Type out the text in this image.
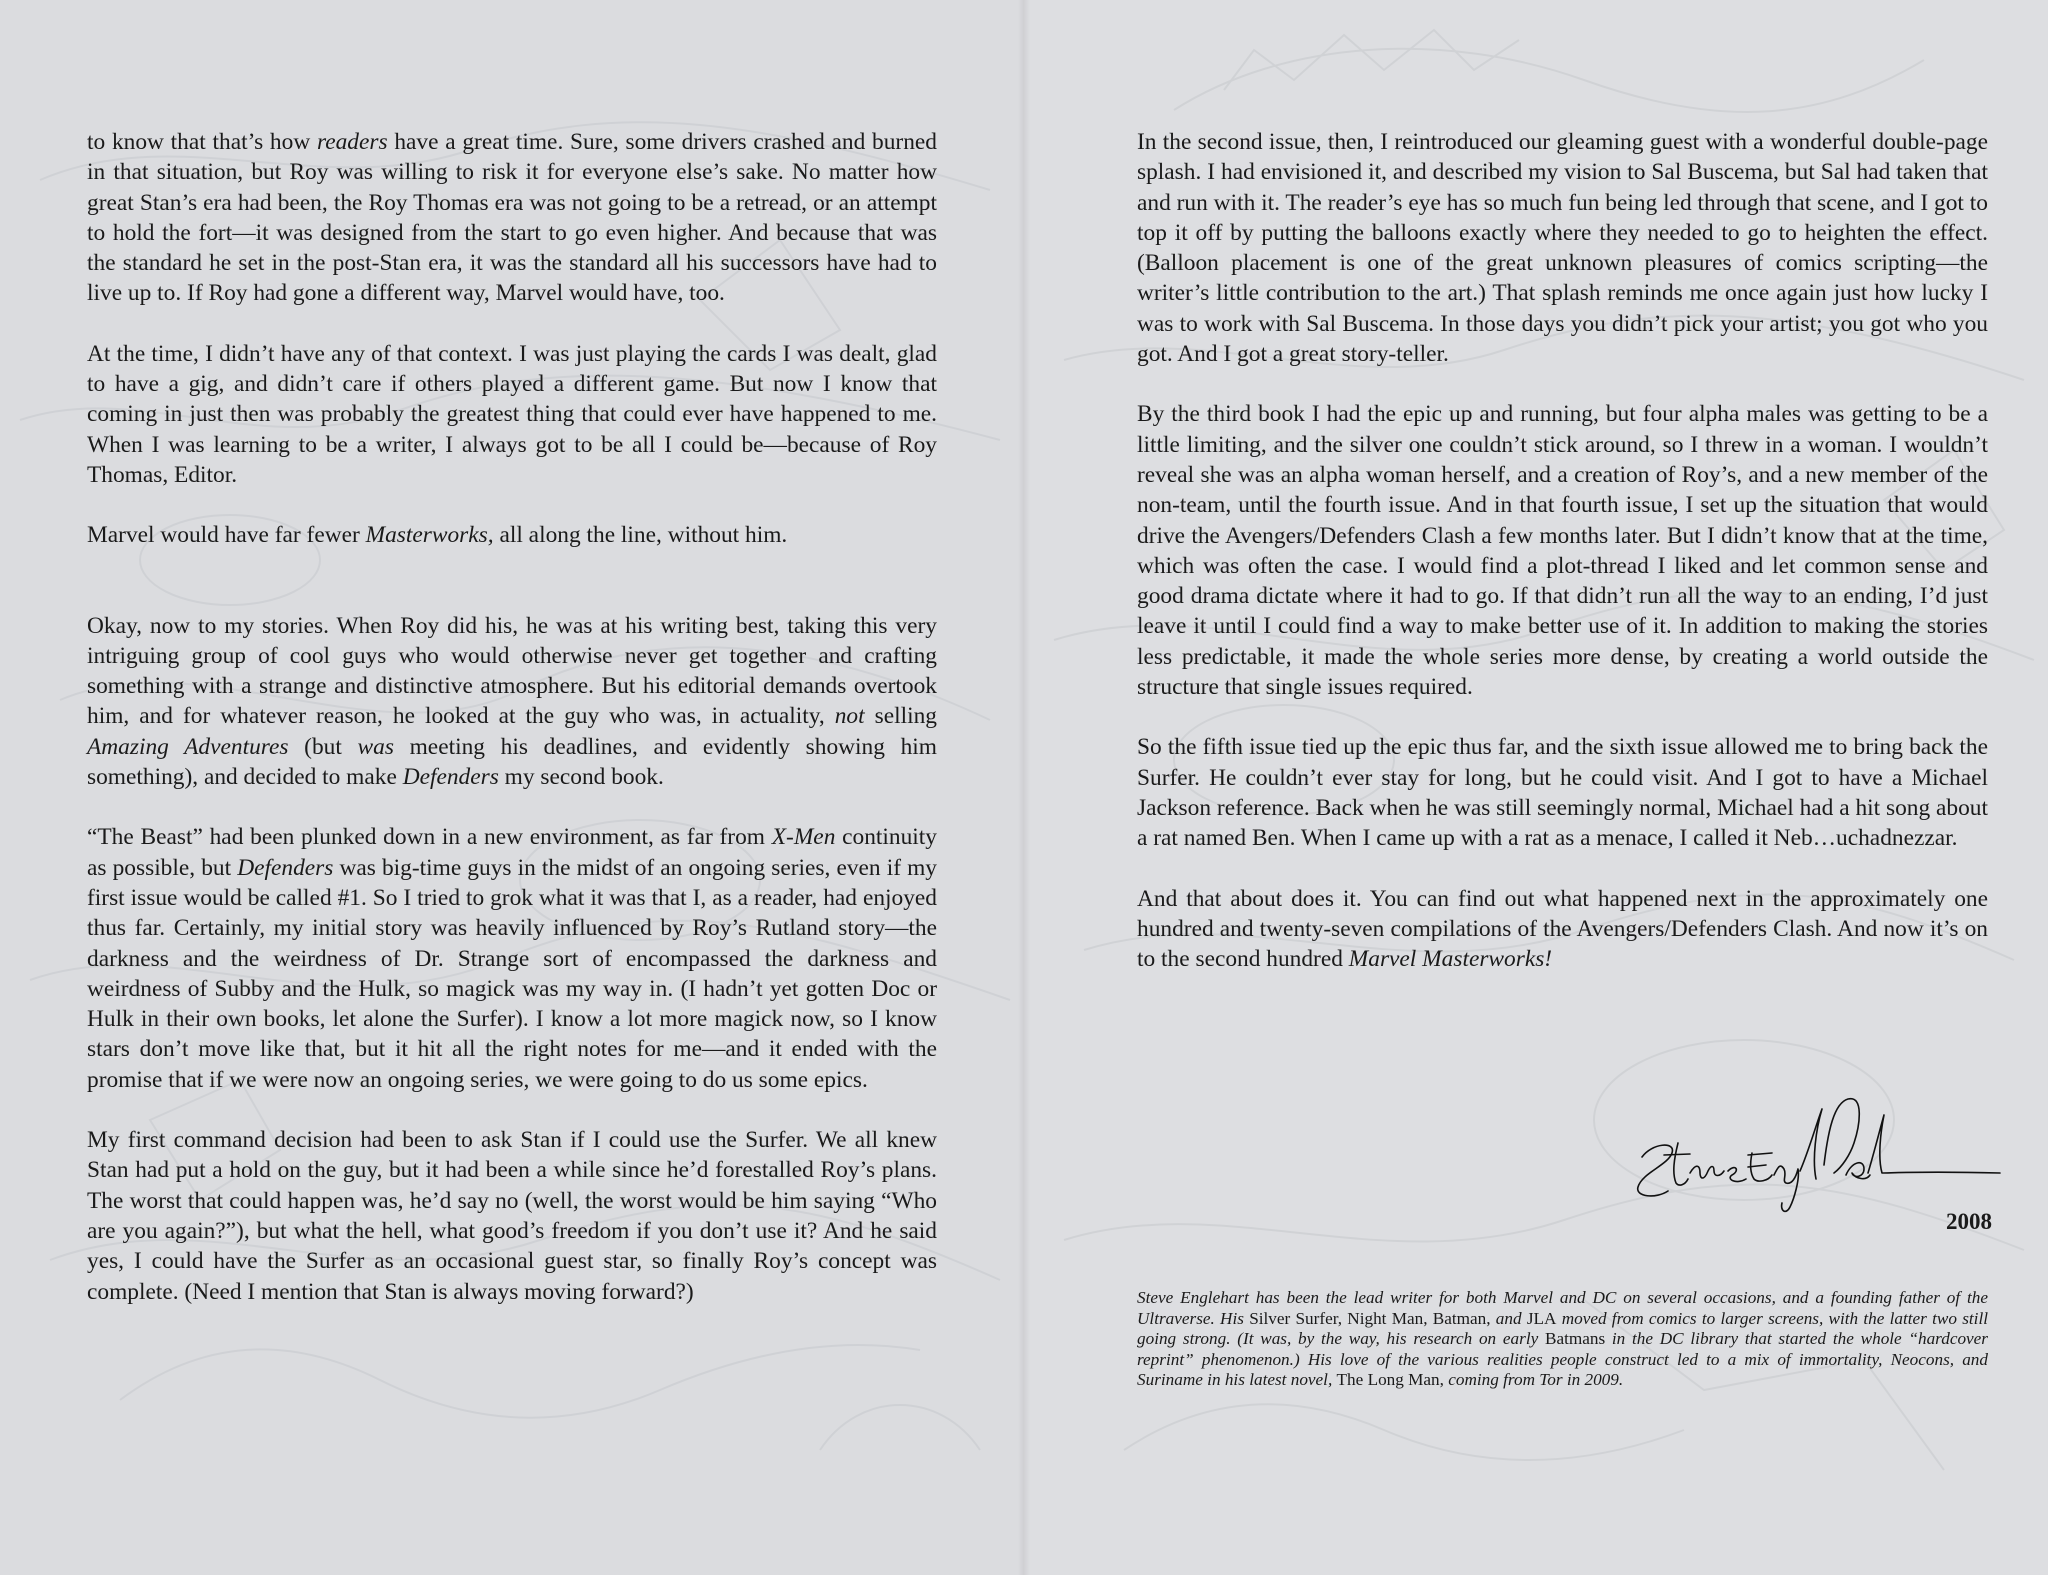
to know that that’s how readers have a great time. Sure, some drivers crashed and burned in that situation, but Roy was willing to risk it for everyone else’s sake. No matter how great Stan’s era had been, the Roy Thomas era was not going to be a retread, or an attempt to hold the fort—it was designed from the start to go even higher. And because that was the standard he set in the post-Stan era, it was the standard all his successors have had to live up to. If Roy had gone a different way, Marvel would have, too.

At the time, I didn’t have any of that context. I was just playing the cards I was dealt, glad to have a gig, and didn’t care if others played a different game. But now I know that coming in just then was probably the greatest thing that could ever have happened to me. When I was learning to be a writer, I always got to be all I could be—because of Roy Thomas, Editor.

Marvel would have far fewer Masterworks, all along the line, without him.

Okay, now to my stories. When Roy did his, he was at his writing best, taking this very intriguing group of cool guys who would otherwise never get together and crafting something with a strange and distinctive atmosphere. But his editorial demands overtook him, and for whatever reason, he looked at the guy who was, in actuality, not selling Amazing Adventures (but was meeting his deadlines, and evidently showing him something), and decided to make Defenders my second book.

“The Beast” had been plunked down in a new environment, as far from X-Men continuity as possible, but Defenders was big-time guys in the midst of an ongoing series, even if my first issue would be called #1. So I tried to grok what it was that I, as a reader, had enjoyed thus far. Certainly, my initial story was heavily influenced by Roy’s Rutland story—the darkness and the weirdness of Dr. Strange sort of encompassed the darkness and weirdness of Subby and the Hulk, so magick was my way in. (I hadn’t yet gotten Doc or Hulk in their own books, let alone the Surfer). I know a lot more magick now, so I know stars don’t move like that, but it hit all the right notes for me—and it ended with the promise that if we were now an ongoing series, we were going to do us some epics.

My first command decision had been to ask Stan if I could use the Surfer. We all knew Stan had put a hold on the guy, but it had been a while since he’d forestalled Roy’s plans. The worst that could happen was, he’d say no (well, the worst would be him saying “Who are you again?”), but what the hell, what good’s freedom if you don’t use it? And he said yes, I could have the Surfer as an occasional guest star, so finally Roy’s concept was complete. (Need I mention that Stan is always moving forward?)

In the second issue, then, I reintroduced our gleaming guest with a wonderful double-page splash. I had envisioned it, and described my vision to Sal Buscema, but Sal had taken that and run with it. The reader’s eye has so much fun being led through that scene, and I got to top it off by putting the balloons exactly where they needed to go to heighten the effect. (Balloon placement is one of the great unknown pleasures of comics scripting—the writer’s little contribution to the art.) That splash reminds me once again just how lucky I was to work with Sal Buscema. In those days you didn’t pick your artist; you got who you got. And I got a great story-teller.

By the third book I had the epic up and running, but four alpha males was getting to be a little limiting, and the silver one couldn’t stick around, so I threw in a woman. I wouldn’t reveal she was an alpha woman herself, and a creation of Roy’s, and a new member of the non-team, until the fourth issue. And in that fourth issue, I set up the situation that would drive the Avengers/Defenders Clash a few months later. But I didn’t know that at the time, which was often the case. I would find a plot-thread I liked and let common sense and good drama dictate where it had to go. If that didn’t run all the way to an ending, I’d just leave it until I could find a way to make better use of it. In addition to making the stories less predictable, it made the whole series more dense, by creating a world outside the structure that single issues required.

So the fifth issue tied up the epic thus far, and the sixth issue allowed me to bring back the Surfer. He couldn’t ever stay for long, but he could visit. And I got to have a Michael Jackson reference. Back when he was still seemingly normal, Michael had a hit song about a rat named Ben. When I came up with a rat as a menace, I called it Neb…uchadnezzar.

And that about does it. You can find out what happened next in the approximately one hundred and twenty-seven compilations of the Avengers/Defenders Clash. And now it’s on to the second hundred Marvel Masterworks!

2008
Steve Englehart has been the lead writer for both Marvel and DC on several occasions, and a founding father of the Ultraverse. His Silver Surfer, Night Man, Batman, and JLA moved from comics to larger screens, with the latter two still going strong. (It was, by the way, his research on early Batmans in the DC library that started the whole “hardcover reprint” phenomenon.) His love of the various realities people construct led to a mix of immortality, Neocons, and Suriname in his latest novel, The Long Man, coming from Tor in 2009.
